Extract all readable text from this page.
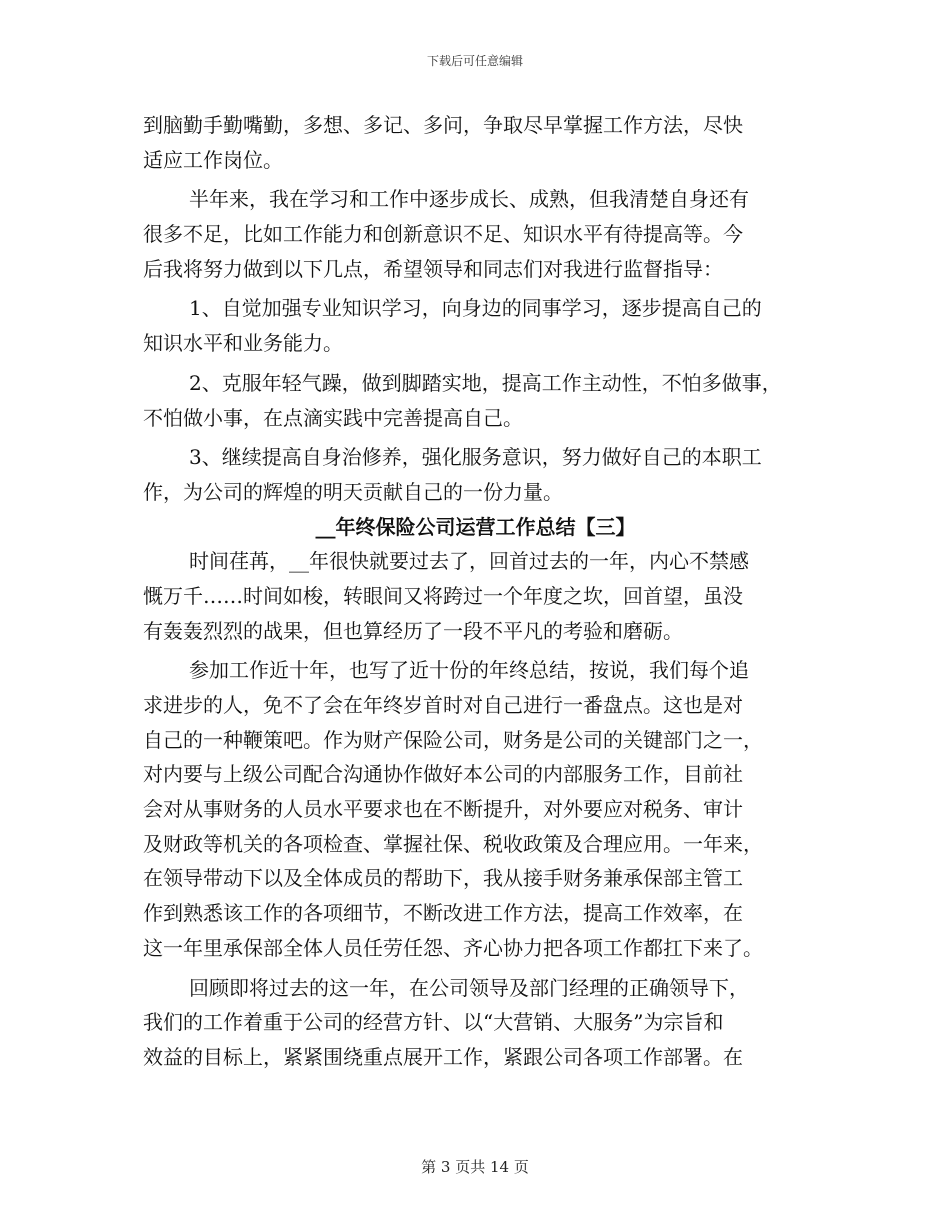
下载后可任意编辑
到脑勤手勤嘴勤，多想、多记、多问，争取尽早掌握工作方法，尽快
适应工作岗位。
半年来，我在学习和工作中逐步成长、成熟，但我清楚自身还有
很多不足，比如工作能力和创新意识不足、知识水平有待提高等。今
后我将努力做到以下几点，希望领导和同志们对我进行监督指导：
1、自觉加强专业知识学习，向身边的同事学习，逐步提高自己的
知识水平和业务能力。
2、克服年轻气躁，做到脚踏实地，提高工作主动性，不怕多做事，
不怕做小事，在点滴实践中完善提高自己。
3、继续提高自身治修养，强化服务意识，努力做好自己的本职工
作，为公司的辉煌的明天贡献自己的一份力量。
__年终保险公司运营工作总结【三】
时间荏苒，__年很快就要过去了，回首过去的一年，内心不禁感
慨万千……时间如梭，转眼间又将跨过一个年度之坎，回首望，虽没
有轰轰烈烈的战果，但也算经历了一段不平凡的考验和磨砺。
参加工作近十年，也写了近十份的年终总结，按说，我们每个追
求进步的人，免不了会在年终岁首时对自己进行一番盘点。这也是对
自己的一种鞭策吧。作为财产保险公司，财务是公司的关键部门之一，
对内要与上级公司配合沟通协作做好本公司的内部服务工作，目前社
会对从事财务的人员水平要求也在不断提升，对外要应对税务、审计
及财政等机关的各项检查、掌握社保、税收政策及合理应用。一年来，
在领导带动下以及全体成员的帮助下，我从接手财务兼承保部主管工
作到熟悉该工作的各项细节，不断改进工作方法，提高工作效率，在
这一年里承保部全体人员任劳任怨、齐心协力把各项工作都扛下来了。
回顾即将过去的这一年，在公司领导及部门经理的正确领导下，
我们的工作着重于公司的经营方针、以“大营销、大服务”为宗旨和
效益的目标上，紧紧围绕重点展开工作，紧跟公司各项工作部署。在
第 3 页共 14 页
